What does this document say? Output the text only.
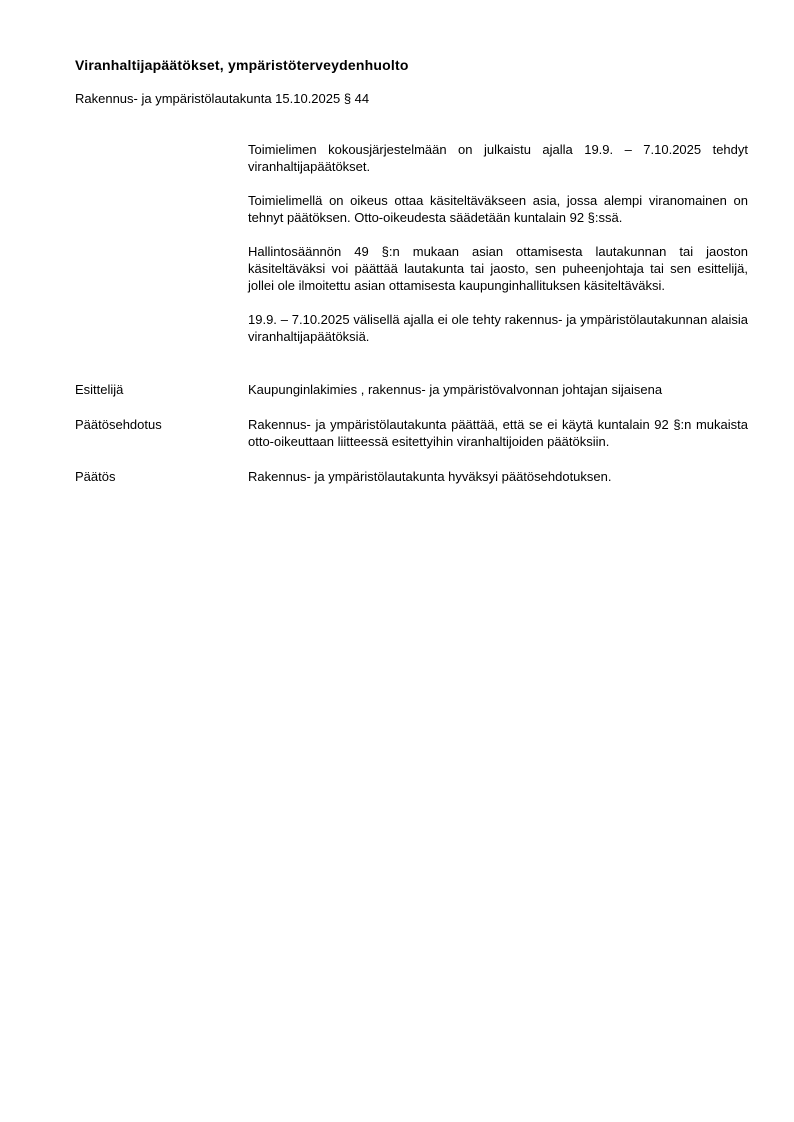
Viranhaltijapäätökset, ympäristöterveydenhuolto
Rakennus- ja ympäristölautakunta 15.10.2025 § 44

Toimielimen kokousjärjestelmään on julkaistu ajalla 19.9. – 7.10.2025 tehdyt viranhaltijapäätökset.

Toimielimellä on oikeus ottaa käsiteltäväkseen asia, jossa alempi viranomainen on tehnyt päätöksen. Otto-oikeudesta säädetään kuntalain 92 §:ssä.

Hallintosäännön 49 §:n mukaan asian ottamisesta lautakunnan tai jaoston käsiteltäväksi voi päättää lautakunta tai jaosto, sen puheenjohtaja tai sen esittelijä, jollei ole ilmoitettu asian ottamisesta kaupunginhallituksen käsiteltäväksi.

19.9. – 7.10.2025 välisellä ajalla ei ole tehty rakennus- ja ympäristölautakunnan alaisia viranhaltijapäätöksiä.

Esittelijä	Kaupunginlakimies , rakennus- ja ympäristövalvonnan johtajan sijaisena
Päätösehdotus	Rakennus- ja ympäristölautakunta päättää, että se ei käytä kuntalain 92 §:n mukaista otto-oikeuttaan liitteessä esitettyihin viranhaltijoiden päätöksiin.
Päätös	Rakennus- ja ympäristölautakunta hyväksyi päätösehdotuksen.
